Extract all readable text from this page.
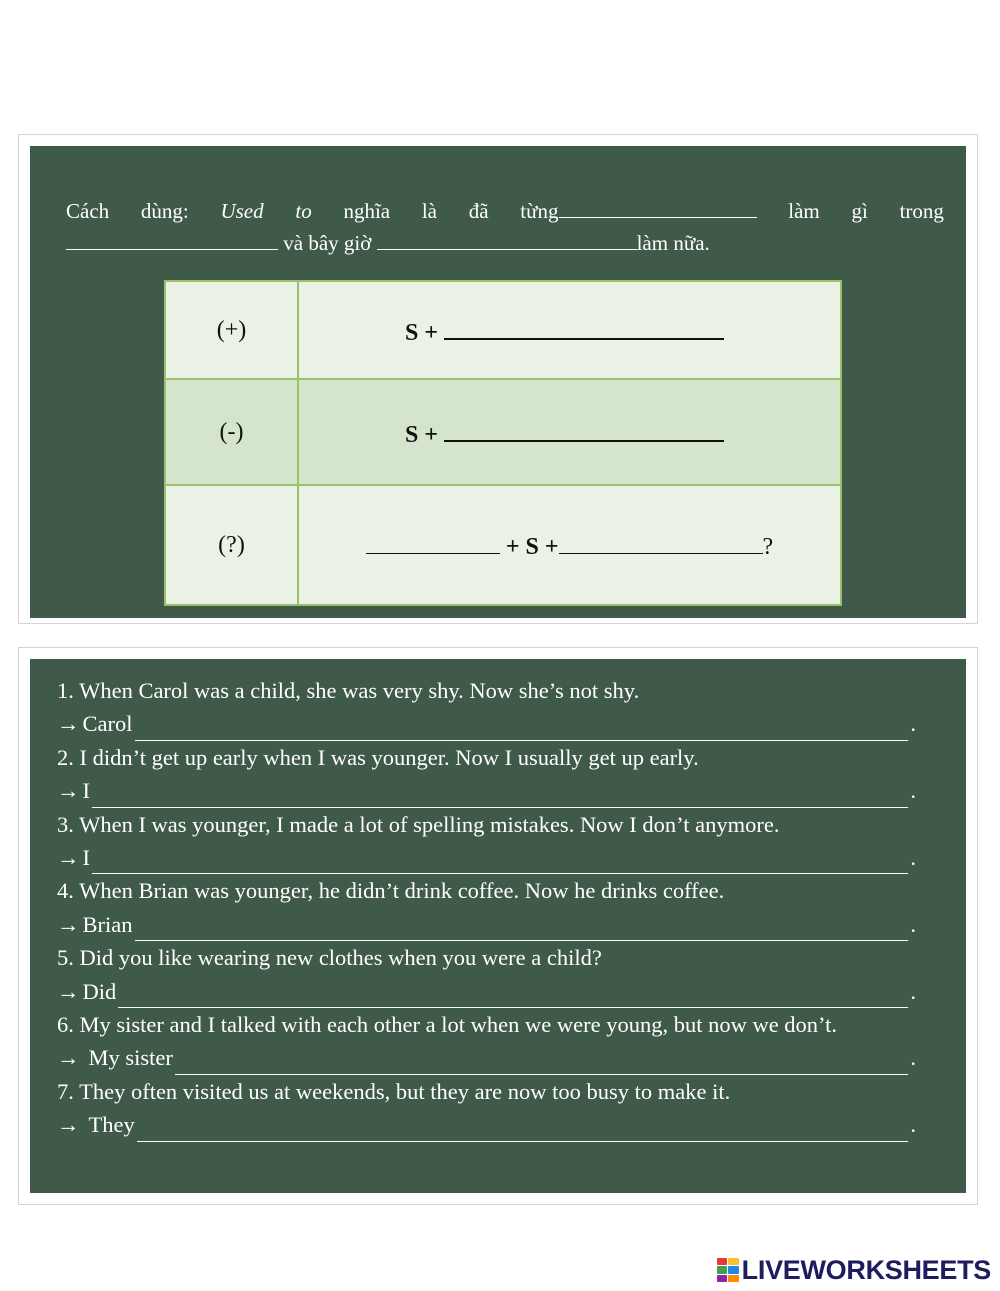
Cách dùng: Used to nghĩa là đã từng	làm gì trong
và bây giờ	làm nữa.
(+)	S +
(-)	S +
(?)	+ S + ?
1. When Carol was a child, she was very shy. Now she’s not shy.
→ Carol	.
2. I didn’t get up early when I was younger. Now I usually get up early.
→ I	.
3. When I was younger, I made a lot of spelling mistakes. Now I don’t anymore.
→ I	.
4. When Brian was younger, he didn’t drink coffee. Now he drinks coffee.
→ Brian	.
5. Did you like wearing new clothes when you were a child?
→ Did	.
6. My sister and I talked with each other a lot when we were young, but now we don’t.
→ My sister	.
7. They often visited us at weekends, but they are now too busy to make it.
→ They	.
LIVEWORKSHEETS
